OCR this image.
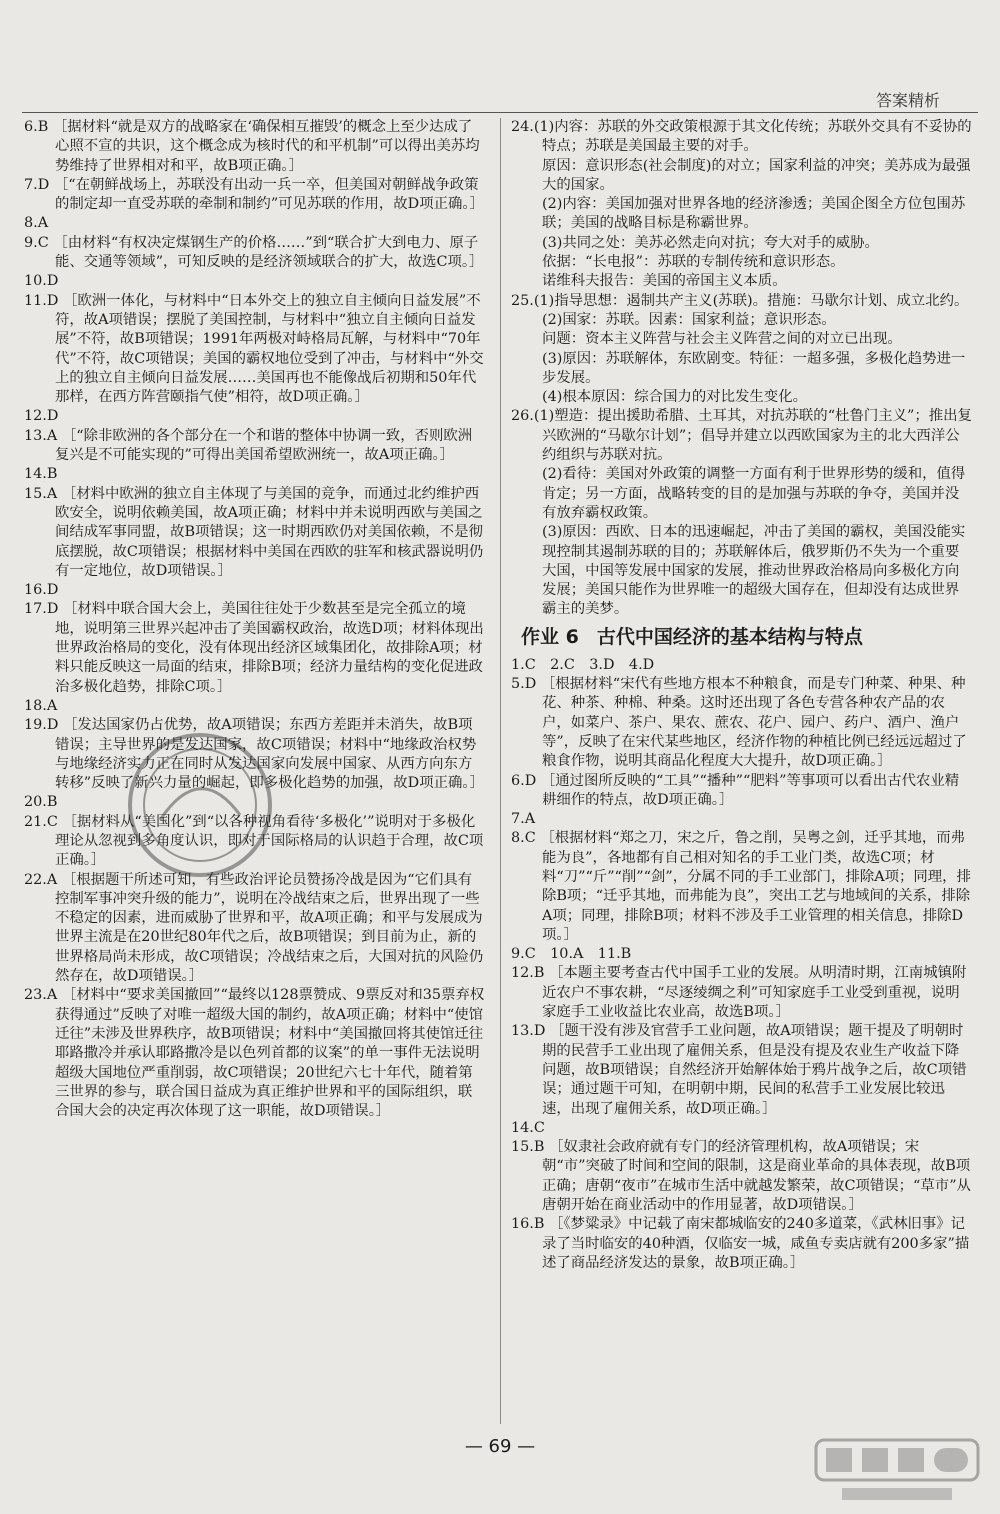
答案精析

6.B ［据材料“就是双方的战略家在‘确保相互摧毁’的概念上至少达成了心照不宣的共识，这个概念成为核时代的和平机制”可以得出美苏均势维持了世界相对和平，故B项正确。］

7.D ［“在朝鲜战场上，苏联没有出动一兵一卒，但美国对朝鲜战争政策的制定却一直受苏联的牵制和制约”可见苏联的作用，故D项正确。］

8.A

9.C ［由材料“有权决定煤钢生产的价格……”到“联合扩大到电力、原子能、交通等领域”，可知反映的是经济领域联合的扩大，故选C项。］

10.D

11.D ［欧洲一体化，与材料中“日本外交上的独立自主倾向日益发展”不符，故A项错误；摆脱了美国控制，与材料中“独立自主倾向日益发展”不符，故B项错误；1991年两极对峙格局瓦解，与材料中“70年代”不符，故C项错误；美国的霸权地位受到了冲击，与材料中“外交上的独立自主倾向日益发展……美国再也不能像战后初期和50年代那样，在西方阵营颐指气使”相符，故D项正确。］

12.D

13.A ［“除非欧洲的各个部分在一个和谐的整体中协调一致，否则欧洲复兴是不可能实现的”可得出美国希望欧洲统一，故A项正确。］

14.B

15.A ［材料中欧洲的独立自主体现了与美国的竞争，而通过北约维护西欧安全，说明依赖美国，故A项正确；材料中并未说明西欧与美国之间结成军事同盟，故B项错误；这一时期西欧仍对美国依赖，不是彻底摆脱，故C项错误；根据材料中美国在西欧的驻军和核武器说明仍有一定地位，故D项错误。］

16.D

17.D ［材料中联合国大会上，美国往往处于少数甚至是完全孤立的境地，说明第三世界兴起冲击了美国霸权政治，故选D项；材料体现出世界政治格局的变化，没有体现出经济区域集团化，故排除A项；材料只能反映这一局面的结束，排除B项；经济力量结构的变化促进政治多极化趋势，排除C项。］

18.A

19.D ［发达国家仍占优势，故A项错误；东西方差距并未消失，故B项错误；主导世界的是发达国家，故C项错误；材料中“地缘政治权势与地缘经济实力正在同时从发达国家向发展中国家、从西方向东方转移”反映了新兴力量的崛起，即多极化趋势的加强，故D项正确。］

20.B

21.C ［据材料从“美国化”到“以各种视角看待‘多极化’”说明对于多极化理论从忽视到多角度认识，即对于国际格局的认识趋于合理，故C项正确。］

22.A ［根据题干所述可知，有些政治评论员赞扬冷战是因为“它们具有控制军事冲突升级的能力”，说明在冷战结束之后，世界出现了一些不稳定的因素，进而威胁了世界和平，故A项正确；和平与发展成为世界主流是在20世纪80年代之后，故B项错误；到目前为止，新的世界格局尚未形成，故C项错误；冷战结束之后，大国对抗的风险仍然存在，故D项错误。］

23.A ［材料中“要求美国撤回”“最终以128票赞成、9票反对和35票弃权获得通过”反映了对唯一超级大国的制约，故A项正确；材料中“使馆迁往”未涉及世界秩序，故B项错误；材料中“美国撤回将其使馆迁往耶路撒冷并承认耶路撒冷是以色列首都的议案”的单一事件无法说明超级大国地位严重削弱，故C项错误；20世纪六七十年代，随着第三世界的参与，联合国日益成为真正维护世界和平的国际组织，联合国大会的决定再次体现了这一职能，故D项错误。］

24.(1)内容：苏联的外交政策根源于其文化传统；苏联外交具有不妥协的特点；苏联是美国最主要的对手。

原因：意识形态(社会制度)的对立；国家利益的冲突；美苏成为最强大的国家。

(2)内容：美国加强对世界各地的经济渗透；美国企图全方位包围苏联；美国的战略目标是称霸世界。

(3)共同之处：美苏必然走向对抗；夸大对手的威胁。

依据：“长电报”：苏联的专制传统和意识形态。

诺维科夫报告：美国的帝国主义本质。

25.(1)指导思想：遏制共产主义(苏联)。措施：马歇尔计划、成立北约。

(2)国家：苏联。因素：国家利益；意识形态。

问题：资本主义阵营与社会主义阵营之间的对立已出现。

(3)原因：苏联解体，东欧剧变。特征：一超多强，多极化趋势进一步发展。

(4)根本原因：综合国力的对比发生变化。

26.(1)塑造：提出援助希腊、土耳其，对抗苏联的“杜鲁门主义”；推出复兴欧洲的“马歇尔计划”；倡导并建立以西欧国家为主的北大西洋公约组织与苏联对抗。

(2)看待：美国对外政策的调整一方面有利于世界形势的缓和，值得肯定；另一方面，战略转变的目的是加强与苏联的争夺，美国并没有放弃霸权政策。

(3)原因：西欧、日本的迅速崛起，冲击了美国的霸权，美国没能实现控制其遏制苏联的目的；苏联解体后，俄罗斯仍不失为一个重要大国，中国等发展中国家的发展，推动世界政治格局向多极化方向发展；美国只能作为世界唯一的超级大国存在，但却没有达成世界霸主的美梦。

作业 6 古代中国经济的基本结构与特点

1.C　2.C　3.D　4.D

5.D ［根据材料“宋代有些地方根本不种粮食，而是专门种菜、种果、种花、种茶、种棉、种桑。这时还出现了各色专营各种农产品的农户，如菜户、茶户、果农、蔗农、花户、园户、药户、酒户、渔户等”，反映了在宋代某些地区，经济作物的种植比例已经远远超过了粮食作物，说明其商品化程度大大提升，故D项正确。］

6.D ［通过图所反映的“工具”“播种”“肥料”等事项可以看出古代农业精耕细作的特点，故D项正确。］

7.A

8.C ［根据材料“郑之刀，宋之斤，鲁之削，吴粤之剑，迁乎其地，而弗能为良”，各地都有自己相对知名的手工业门类，故选C项；材料“刀”“斤”“削”“剑”，分属不同的手工业部门，排除A项；同理，排除B项；“迁乎其地，而弗能为良”，突出工艺与地域间的关系，排除A项；同理，排除B项；材料不涉及手工业管理的相关信息，排除D项。］

9.C　10.A　11.B

12.B ［本题主要考查古代中国手工业的发展。从明清时期，江南城镇附近农户不事农耕，“尽逐绫绸之利”可知家庭手工业受到重视，说明家庭手工业收益比农业高，故选B项。］

13.D ［题干没有涉及官营手工业问题，故A项错误；题干提及了明朝时期的民营手工业出现了雇佣关系，但是没有提及农业生产收益下降问题，故B项错误；自然经济开始解体始于鸦片战争之后，故C项错误；通过题干可知，在明朝中期，民间的私营手工业发展比较迅速，出现了雇佣关系，故D项正确。］

14.C

15.B ［奴隶社会政府就有专门的经济管理机构，故A项错误；宋朝“市”突破了时间和空间的限制，这是商业革命的具体表现，故B项正确；唐朝“夜市”在城市生活中就越发繁荣，故C项错误；“草市”从唐朝开始在商业活动中的作用显著，故D项错误。］

16.B ［《梦粱录》中记载了南宋都城临安的240多道菜，《武林旧事》记录了当时临安的40种酒，仅临安一城，咸鱼专卖店就有200多家”描述了商品经济发达的景象，故B项正确。］

— 69 —
